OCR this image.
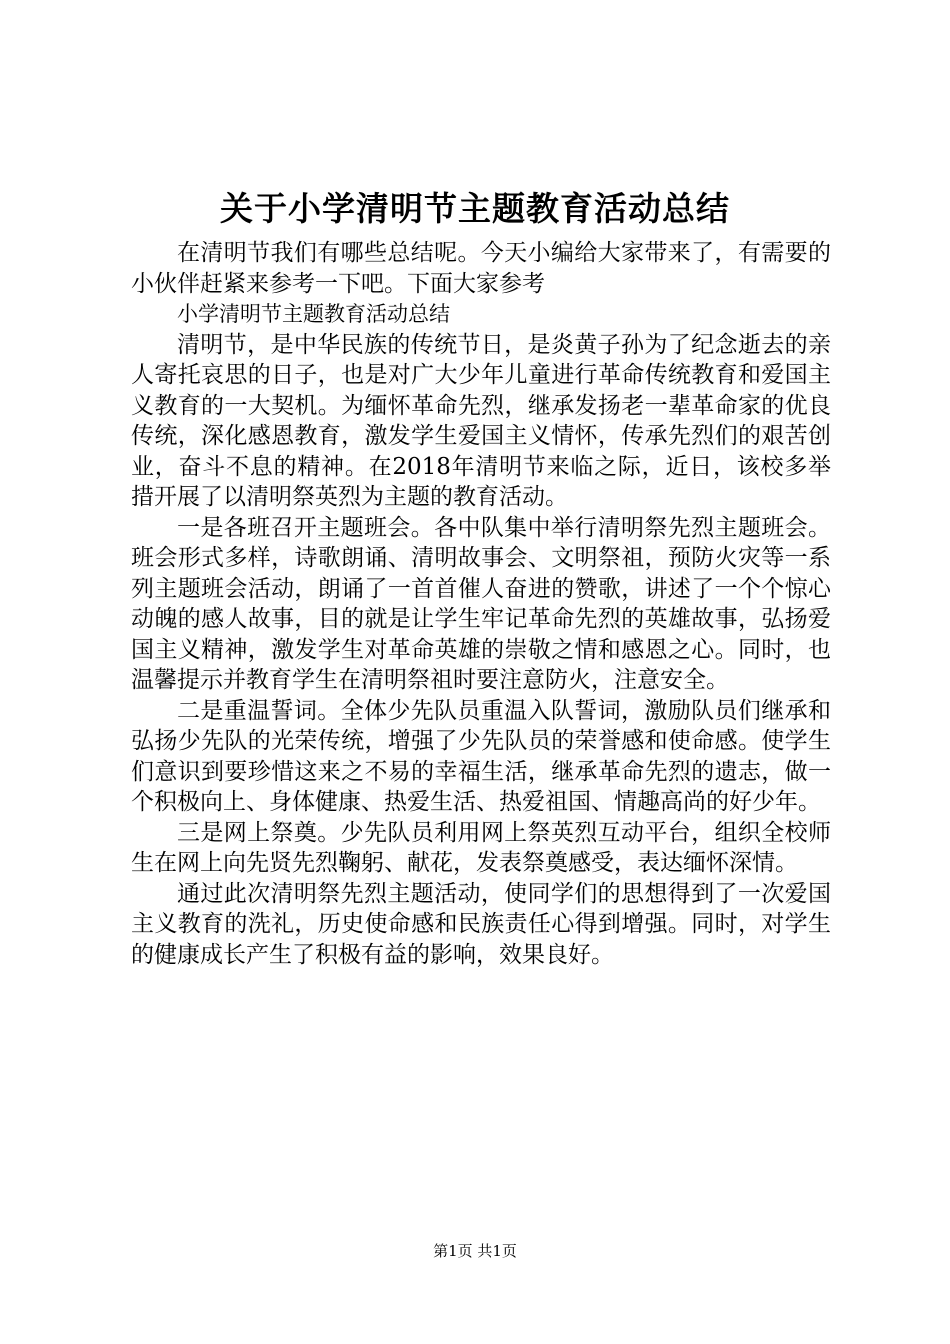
关于小学清明节主题教育活动总结

在清明节我们有哪些总结呢。今天小编给大家带来了，有需要的小伙伴赶紧来参考一下吧。下面大家参考

小学清明节主题教育活动总结

清明节，是中华民族的传统节日，是炎黄子孙为了纪念逝去的亲人寄托哀思的日子，也是对广大少年儿童进行革命传统教育和爱国主义教育的一大契机。为缅怀革命先烈，继承发扬老一辈革命家的优良传统，深化感恩教育，激发学生爱国主义情怀，传承先烈们的艰苦创业，奋斗不息的精神。在2018年清明节来临之际，近日，该校多举措开展了以清明祭英烈为主题的教育活动。

一是各班召开主题班会。各中队集中举行清明祭先烈主题班会。班会形式多样，诗歌朗诵、清明故事会、文明祭祖，预防火灾等一系列主题班会活动，朗诵了一首首催人奋进的赞歌，讲述了一个个惊心动魄的感人故事，目的就是让学生牢记革命先烈的英雄故事，弘扬爱国主义精神，激发学生对革命英雄的崇敬之情和感恩之心。同时，也温馨提示并教育学生在清明祭祖时要注意防火，注意安全。

二是重温誓词。全体少先队员重温入队誓词，激励队员们继承和弘扬少先队的光荣传统，增强了少先队员的荣誉感和使命感。使学生们意识到要珍惜这来之不易的幸福生活，继承革命先烈的遗志，做一个积极向上、身体健康、热爱生活、热爱祖国、情趣高尚的好少年。

三是网上祭奠。少先队员利用网上祭英烈互动平台，组织全校师生在网上向先贤先烈鞠躬、献花，发表祭奠感受，表达缅怀深情。

通过此次清明祭先烈主题活动，使同学们的思想得到了一次爱国主义教育的洗礼，历史使命感和民族责任心得到增强。同时，对学生的健康成长产生了积极有益的影响，效果良好。

第1页 共1页
